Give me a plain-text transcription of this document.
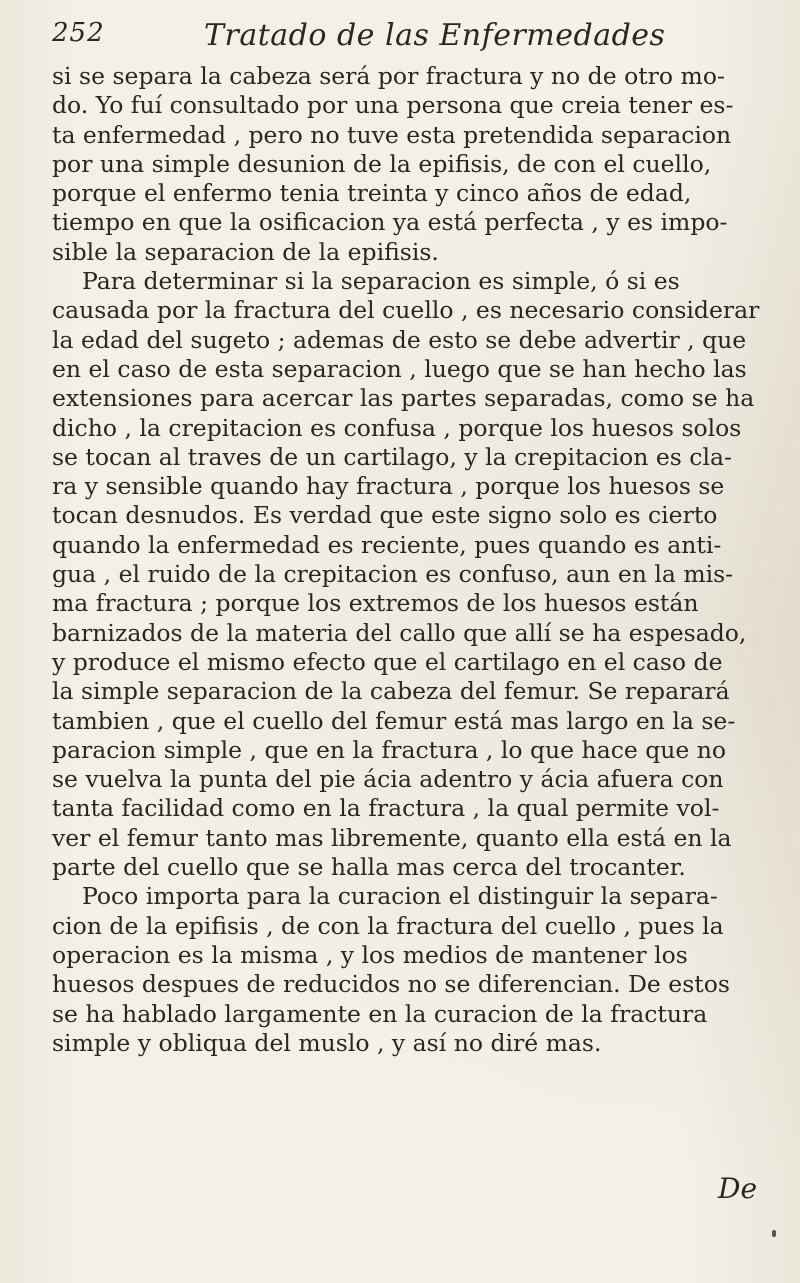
252	Tratado de las Enfermedades
si se separa la cabeza será por fractura y no de otro mo-
do. Yo fuí consultado por una persona que creia tener es-
ta enfermedad , pero no tuve esta pretendida separacion
por una simple desunion de la epifisis, de con el cuello,
porque el enfermo tenia treinta y cinco años de edad,
tiempo en que la osificacion ya está perfecta , y es impo-
sible la separacion de la epifisis.
Para determinar si la separacion es simple, ó si es
causada por la fractura del cuello , es necesario considerar
la edad del sugeto ; ademas de esto se debe advertir , que
en el caso de esta separacion , luego que se han hecho las
extensiones para acercar las partes separadas, como se ha
dicho , la crepitacion es confusa , porque los huesos solos
se tocan al traves de un cartilago, y la crepitacion es cla-
ra y sensible quando hay fractura , porque los huesos se
tocan desnudos. Es verdad que este signo solo es cierto
quando la enfermedad es reciente, pues quando es anti-
gua , el ruido de la crepitacion es confuso, aun en la mis-
ma fractura ; porque los extremos de los huesos están
barnizados de la materia del callo que allí se ha espesado,
y produce el mismo efecto que el cartilago en el caso de
la simple separacion de la cabeza del femur. Se reparará
tambien , que el cuello del femur está mas largo en la se-
paracion simple , que en la fractura , lo que hace que no
se vuelva la punta del pie ácia adentro y ácia afuera con
tanta facilidad como en la fractura , la qual permite vol-
ver el femur tanto mas libremente, quanto ella está en la
parte del cuello que se halla mas cerca del trocanter.
Poco importa para la curacion el distinguir la separa-
cion de la epifisis , de con la fractura del cuello , pues la
operacion es la misma , y los medios de mantener los
huesos despues de reducidos no se diferencian. De estos
se ha hablado largamente en la curacion de la fractura
simple y obliqua del muslo , y así no diré mas.
De
